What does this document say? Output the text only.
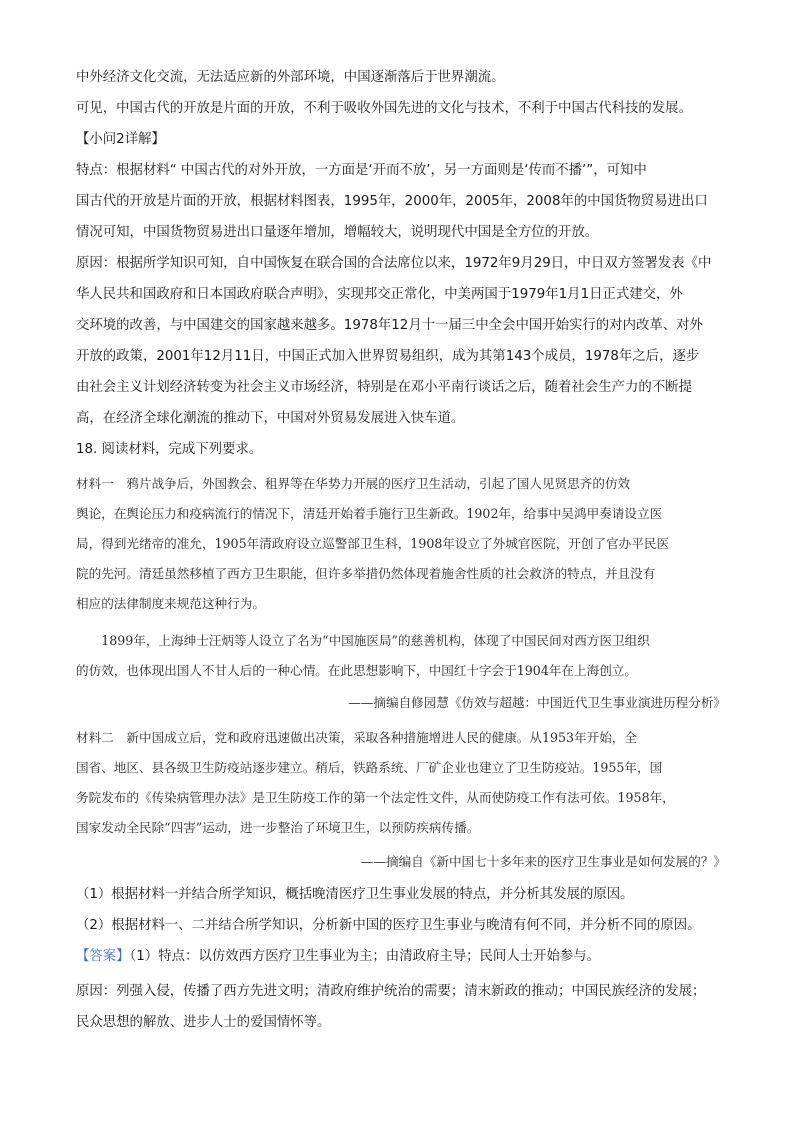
中外经济文化交流，无法适应新的外部环境，中国逐渐落后于世界潮流。
可见，中国古代的开放是片面的开放，不利于吸收外国先进的文化与技术，不利于中国古代科技的发展。
【小问2详解】
特点：根据材料“ 中国古代的对外开放，一方面是‘开而不放’，另一方面则是‘传而不播’”，可知中
国古代的开放是片面的开放，根据材料图表，1995年，2000年，2005年，2008年的中国货物贸易进出口
情况可知，中国货物贸易进出口量逐年增加，增幅较大，说明现代中国是全方位的开放。
原因：根据所学知识可知，自中国恢复在联合国的合法席位以来，1972年9月29日，中日双方签署发表《中
华人民共和国政府和日本国政府联合声明》，实现邦交正常化，中美两国于1979年1月1日正式建交，外
交环境的改善，与中国建交的国家越来越多。1978年12月十一届三中全会中国开始实行的对内改革、对外
开放的政策，2001年12月11日，中国正式加入世界贸易组织，成为其第143个成员，1978年之后，逐步
由社会主义计划经济转变为社会主义市场经济，特别是在邓小平南行谈话之后，随着社会生产力的不断提
高，在经济全球化潮流的推动下，中国对外贸易发展进入快车道。
18. 阅读材料，完成下列要求。
材料一　鸦片战争后，外国教会、租界等在华势力开展的医疗卫生活动，引起了国人见贤思齐的仿效
舆论，在舆论压力和疫病流行的情况下，清廷开始着手施行卫生新政。1902年，给事中吴鸿甲奏请设立医
局，得到光绪帝的准允，1905年清政府设立巡警部卫生科，1908年设立了外城官医院，开创了官办平民医
院的先河。清廷虽然移植了西方卫生职能，但许多举措仍然体现着施舍性质的社会救济的特点，并且没有
相应的法律制度来规范这种行为。
　　1899年，上海绅士汪炳等人设立了名为“中国施医局”的慈善机构，体现了中国民间对西方医卫组织
的仿效，也体现出国人不甘人后的一种心情。在此思想影响下，中国红十字会于1904年在上海创立。
——摘编自修园慧《仿效与超越：中国近代卫生事业演进历程分析》
材料二　新中国成立后，党和政府迅速做出决策，采取各种措施增进人民的健康。从1953年开始，全
国省、地区、县各级卫生防疫站逐步建立。稍后，铁路系统、厂矿企业也建立了卫生防疫站。1955年，国
务院发布的《传染病管理办法》是卫生防疫工作的第一个法定性文件，从而使防疫工作有法可依。1958年，
国家发动全民除“四害”运动，进一步整治了环境卫生，以预防疾病传播。
——摘编自《新中国七十多年来的医疗卫生事业是如何发展的？》
（1）根据材料一并结合所学知识，概括晚清医疗卫生事业发展的特点，并分析其发展的原因。
（2）根据材料一、二并结合所学知识，分析新中国的医疗卫生事业与晚清有何不同，并分析不同的原因。
【答案】（1）特点：以仿效西方医疗卫生事业为主；由清政府主导；民间人士开始参与。
原因：列强入侵，传播了西方先进文明；清政府维护统治的需要；清末新政的推动；中国民族经济的发展；
民众思想的解放、进步人士的爱国情怀等。
